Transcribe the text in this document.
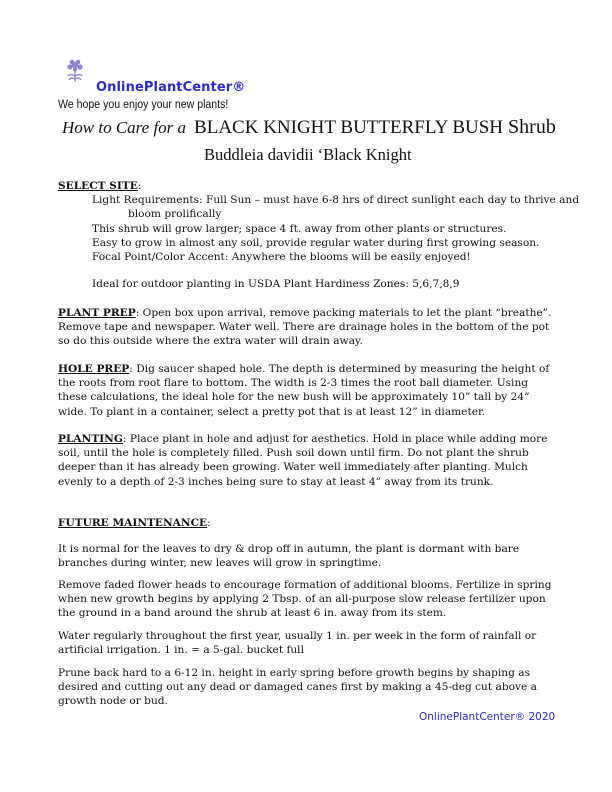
OnlinePlantCenter®
We hope you enjoy your new plants!
How to Care for a BLACK KNIGHT BUTTERFLY BUSH Shrub
Buddleia davidii ‘Black Knight

SELECT SITE:

Light Requirements: Full Sun – must have 6-8 hrs of direct sunlight each day to thrive and

bloom prolifically

This shrub will grow larger; space 4 ft. away from other plants or structures.

Easy to grow in almost any soil, provide regular water during first growing season.

Focal Point/Color Accent: Anywhere the blooms will be easily enjoyed!

Ideal for outdoor planting in USDA Plant Hardiness Zones: 5,6,7,8,9

PLANT PREP: Open box upon arrival, remove packing materials to let the plant “breathe”. Remove tape and newspaper. Water well. There are drainage holes in the bottom of the pot so do this outside where the extra water will drain away.
HOLE PREP: Dig saucer shaped hole. The depth is determined by measuring the height of the roots from root flare to bottom. The width is 2-3 times the root ball diameter. Using these calculations, the ideal hole for the new bush will be approximately 10” tall by 24” wide. To plant in a container, select a pretty pot that is at least 12” in diameter.
PLANTING: Place plant in hole and adjust for aesthetics. Hold in place while adding more soil, until the hole is completely filled. Push soil down until firm. Do not plant the shrub deeper than it has already been growing. Water well immediately after planting. Mulch evenly to a depth of 2-3 inches being sure to stay at least 4” away from its trunk.

FUTURE MAINTENANCE:

It is normal for the leaves to dry & drop off in autumn, the plant is dormant with bare branches during winter, new leaves will grow in springtime.
Remove faded flower heads to encourage formation of additional blooms. Fertilize in spring when new growth begins by applying 2 Tbsp. of an all-purpose slow release fertilizer upon the ground in a band around the shrub at least 6 in. away from its stem.
Water regularly throughout the first year, usually 1 in. per week in the form of rainfall or artificial irrigation. 1 in. = a 5-gal. bucket full
Prune back hard to a 6-12 in. height in early spring before growth begins by shaping as desired and cutting out any dead or damaged canes first by making a 45-deg cut above a growth node or bud.
OnlinePlantCenter® 2020
